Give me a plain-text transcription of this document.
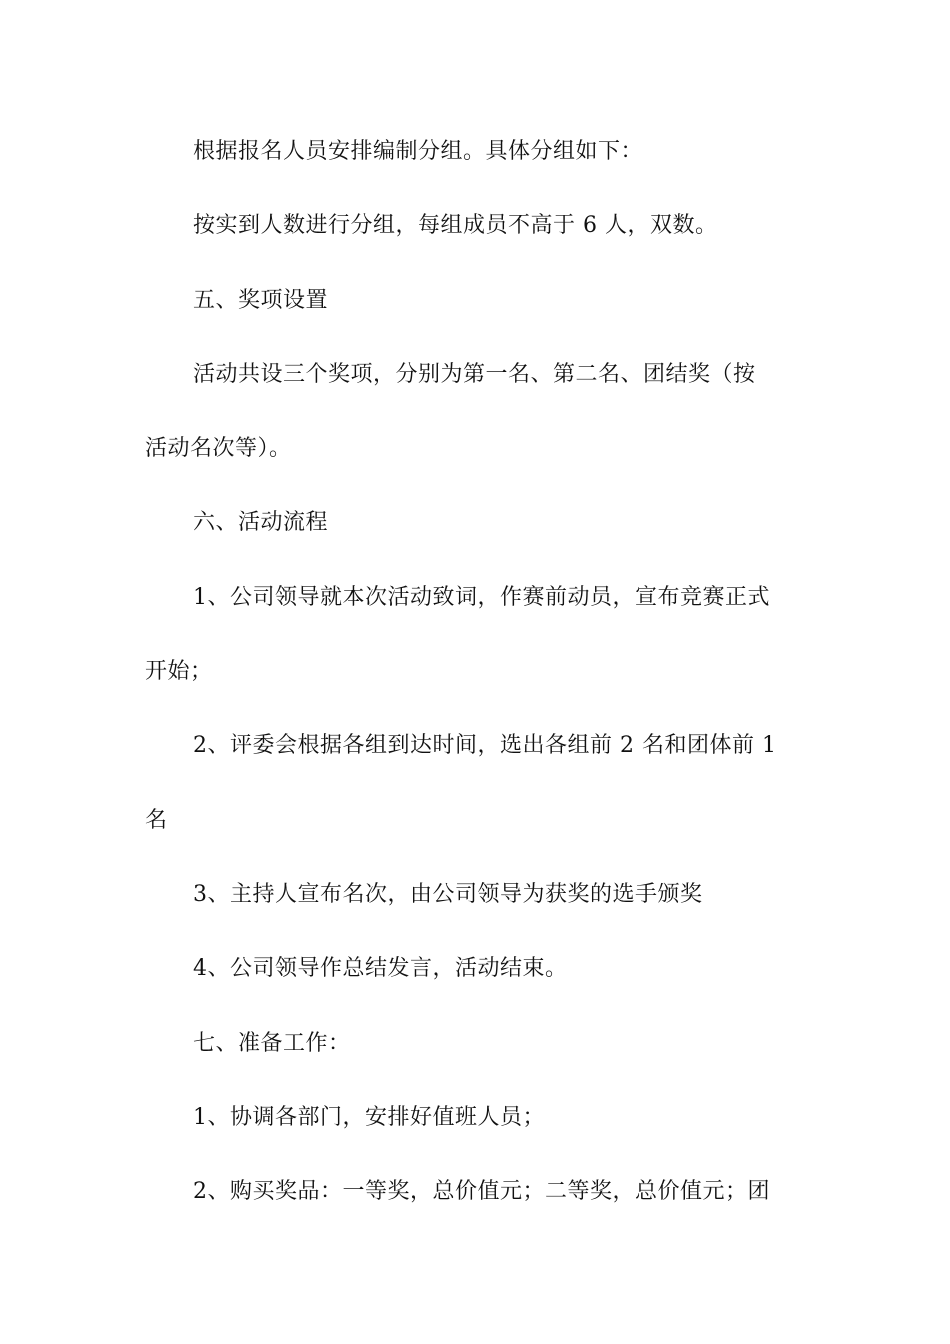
根据报名人员安排编制分组。具体分组如下：
按实到人数进行分组，每组成员不高于 6 人，双数。
五、奖项设置
活动共设三个奖项，分别为第一名、第二名、团结奖（按
活动名次等）。
六、活动流程
1、公司领导就本次活动致词，作赛前动员，宣布竞赛正式
开始；
2、评委会根据各组到达时间，选出各组前 2 名和团体前 1
名
3、主持人宣布名次，由公司领导为获奖的选手颁奖
4、公司领导作总结发言，活动结束。
七、准备工作：
1、协调各部门，安排好值班人员；
2、购买奖品：一等奖，总价值元；二等奖，总价值元；团
